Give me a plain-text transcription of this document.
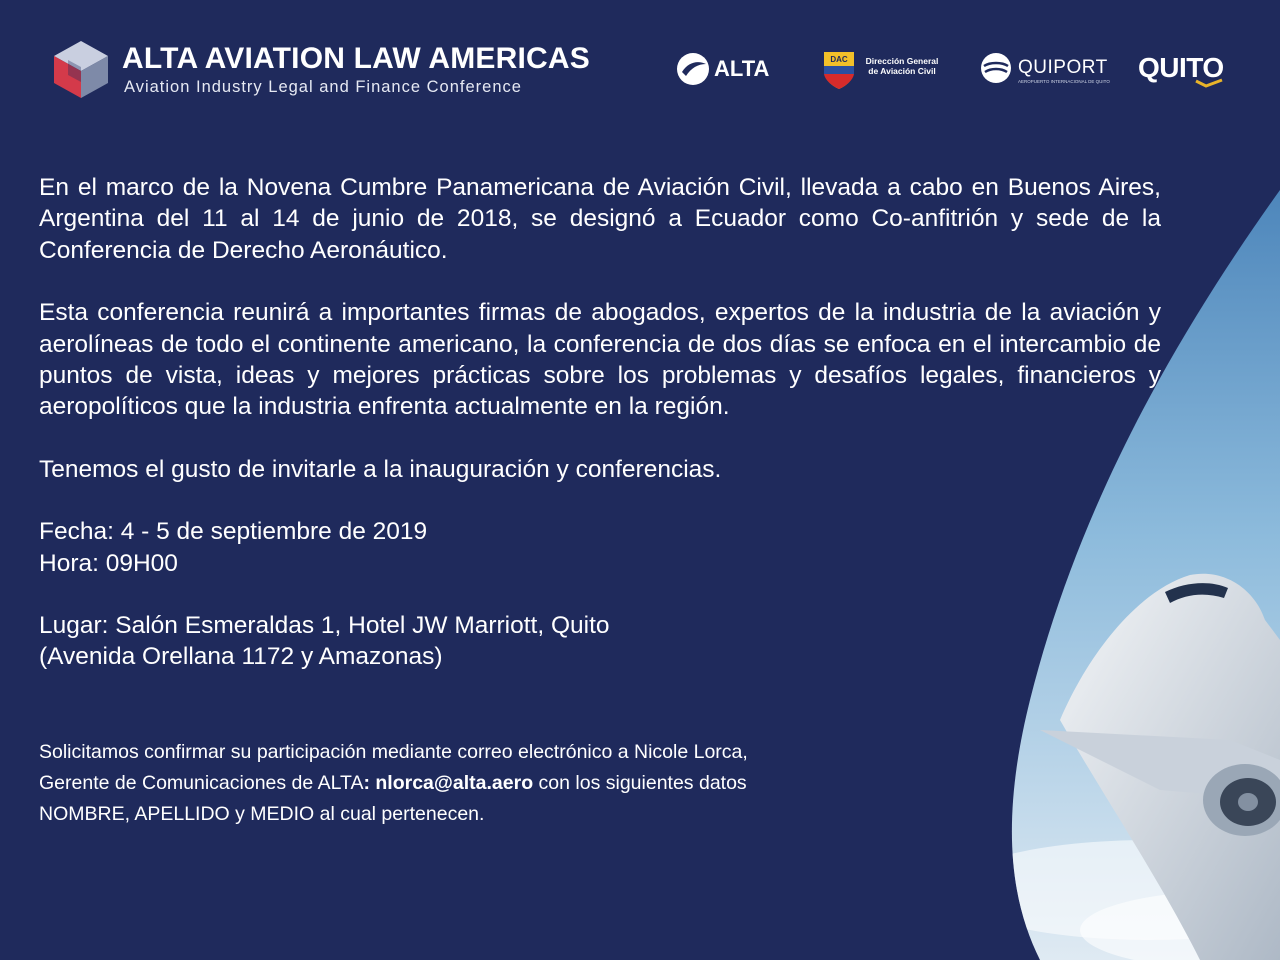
ALTA AVIATION LAW AMERICAS
Aviation Industry Legal and Finance Conference
ALTA	DAC	Dirección General
de Aviación Civil	QUIPORT
AEROPUERTO INTERNACIONAL DE QUITO QUITO

En el marco de la Novena Cumbre Panamericana de Aviación Civil, llevada a cabo en Buenos Aires, Argentina del 11 al 14 de junio de 2018, se designó a Ecuador como Co-anfitrión y sede de la Conferencia de Derecho Aeronáutico.

Esta conferencia reunirá a importantes firmas de abogados, expertos de la industria de la aviación y aerolíneas de todo el continente americano, la conferencia de dos días se enfoca en el intercambio de puntos de vista, ideas y mejores prácticas sobre los problemas y desafíos legales, financieros y aeropolíticos que la industria enfrenta actualmente en la región.

Tenemos el gusto de invitarle a la inauguración y conferencias.

Fecha: 4 - 5 de septiembre de 2019

Hora: 09H00

Lugar: Salón Esmeraldas 1, Hotel JW Marriott, Quito

(Avenida Orellana 1172 y Amazonas)

Solicitamos confirmar su participación mediante correo electrónico a Nicole Lorca,

Gerente de Comunicaciones de ALTA: nlorca@alta.aero con los siguientes datos

NOMBRE, APELLIDO y MEDIO al cual pertenecen.
